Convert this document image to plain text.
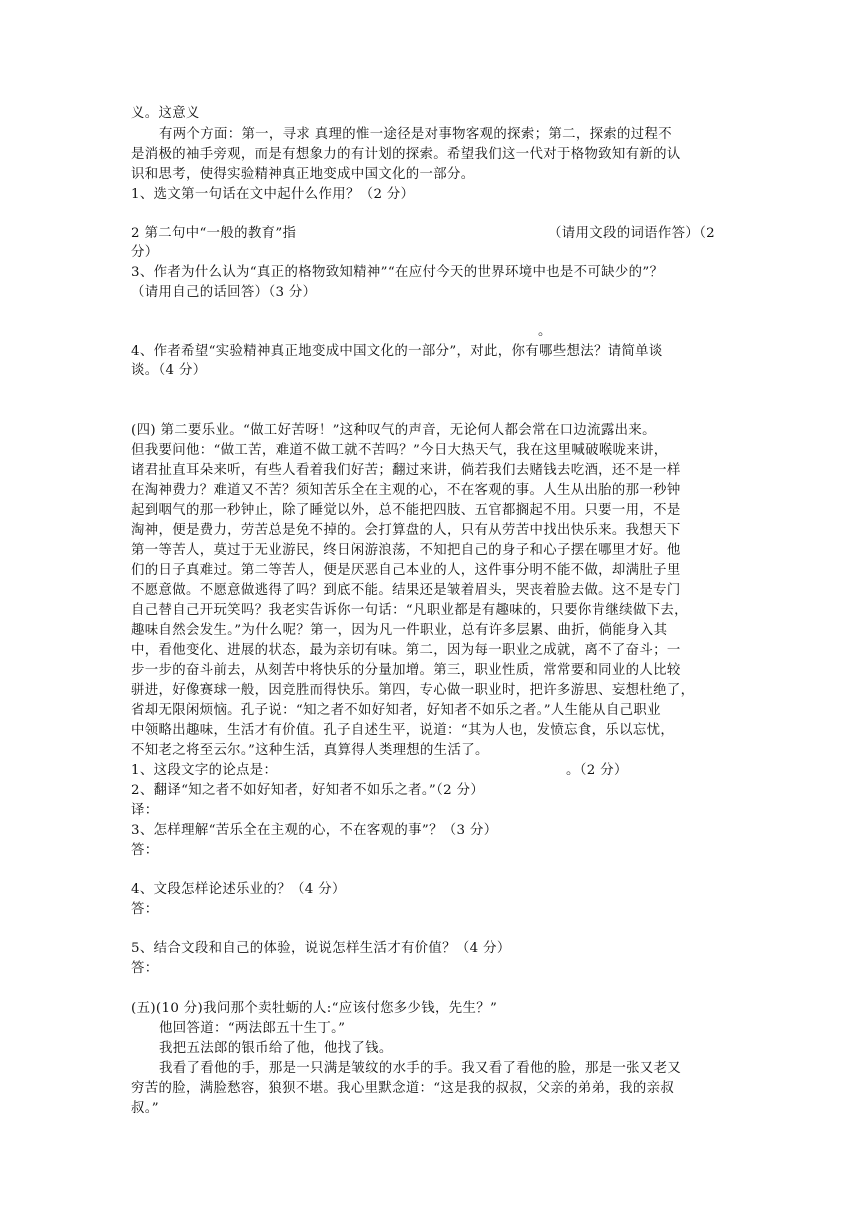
义。这意义
有两个方面：第一，寻求 真理的惟一途径是对事物客观的探索；第二，探索的过程不
是消极的袖手旁观，而是有想象力的有计划的探索。希望我们这一代对于格物致知有新的认
识和思考，使得实验精神真正地变成中国文化的一部分。
1、选文第一句话在文中起什么作用？（2 分）
2 第二句中“一般的教育”指	（请用文段的词语作答）（2
分）
3、作者为什么认为“真正的格物致知精神”“在应付今天的世界环境中也是不可缺少的”？
（请用自己的话回答）（3 分）
。
4、作者希望“实验精神真正地变成中国文化的一部分”，对此，你有哪些想法？请简单谈
谈。（4 分）
(四) 第二要乐业。“做工好苦呀！”这种叹气的声音，无论何人都会常在口边流露出来。
但我要问他：“做工苦，难道不做工就不苦吗？”今日大热天气，我在这里喊破喉咙来讲，
诸君扯直耳朵来听，有些人看着我们好苦；翻过来讲，倘若我们去赌钱去吃酒，还不是一样
在淘神费力？难道又不苦？须知苦乐全在主观的心，不在客观的事。人生从出胎的那一秒钟
起到咽气的那一秒钟止，除了睡觉以外，总不能把四肢、五官都搁起不用。只要一用，不是
淘神，便是费力，劳苦总是免不掉的。会打算盘的人，只有从劳苦中找出快乐来。我想天下
第一等苦人，莫过于无业游民，终日闲游浪荡，不知把自己的身子和心子摆在哪里才好。他
们的日子真难过。第二等苦人，便是厌恶自己本业的人，这件事分明不能不做，却满肚子里
不愿意做。不愿意做逃得了吗？到底不能。结果还是皱着眉头，哭丧着脸去做。这不是专门
自己替自己开玩笑吗？我老实告诉你一句话：“凡职业都是有趣味的，只要你肯继续做下去，
趣味自然会发生。”为什么呢？第一，因为凡一件职业，总有许多层累、曲折，倘能身入其
中，看他变化、进展的状态，最为亲切有味。第二，因为每一职业之成就，离不了奋斗；一
步一步的奋斗前去，从刻苦中将快乐的分量加增。第三，职业性质，常常要和同业的人比较
骈进，好像赛球一般，因竞胜而得快乐。第四，专心做一职业时，把许多游思、妄想杜绝了，
省却无限闲烦恼。孔子说：“知之者不如好知者，好知者不如乐之者。”人生能从自己职业
中领略出趣味，生活才有价值。孔子自述生平，说道：“其为人也，发愤忘食，乐以忘忧，
不知老之将至云尔。”这种生活，真算得人类理想的生活了。
1、这段文字的论点是：	。（2 分）
2、翻译“知之者不如好知者，好知者不如乐之者。”（2 分）
译：
3、怎样理解“苦乐全在主观的心，不在客观的事”？（3 分）
答：
4、文段怎样论述乐业的？（4 分）
答：
5、结合文段和自己的体验，说说怎样生活才有价值？（4 分）
答：
(五)(10 分)我问那个卖牡蛎的人:“应该付您多少钱，先生？”
他回答道：“两法郎五十生丁。”
我把五法郎的银币给了他，他找了钱。
我看了看他的手，那是一只满是皱纹的水手的手。我又看了看他的脸，那是一张又老又
穷苦的脸，满脸愁容，狼狈不堪。我心里默念道：“这是我的叔叔，父亲的弟弟，我的亲叔
叔。”
